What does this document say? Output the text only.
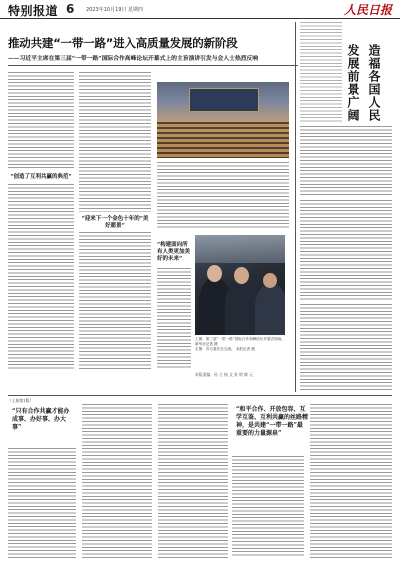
特别报道 6 2023年10月19日 星期四	人民日报
推动共建“一带一路”进入高质量发展的新阶段
——习近平主席在第三届“一带一路”国际合作高峰论坛开幕式上的主旨演讲引发与会人士热烈反响
“创造了互利共赢的典范”
“迎来下一个金色十年的”美好愿景”
“构建面向所有人类更加美好的未来”
上图：第三届“一带一路”国际合作高峰论坛开幕式现场。 新华社记者 摄
右图：各方嘉宾在交流。 本报记者 摄
本版责编：孙 立 杨 文 张 明 廖 元
发展前景广阔 造福各国人民
（上接第1版）
“只有合作共赢才能办成事、办好事、办大事”
“和平合作、开放包容、互学互鉴、互利共赢的丝路精神，是共建“一带一路”最重要的力量源泉”
